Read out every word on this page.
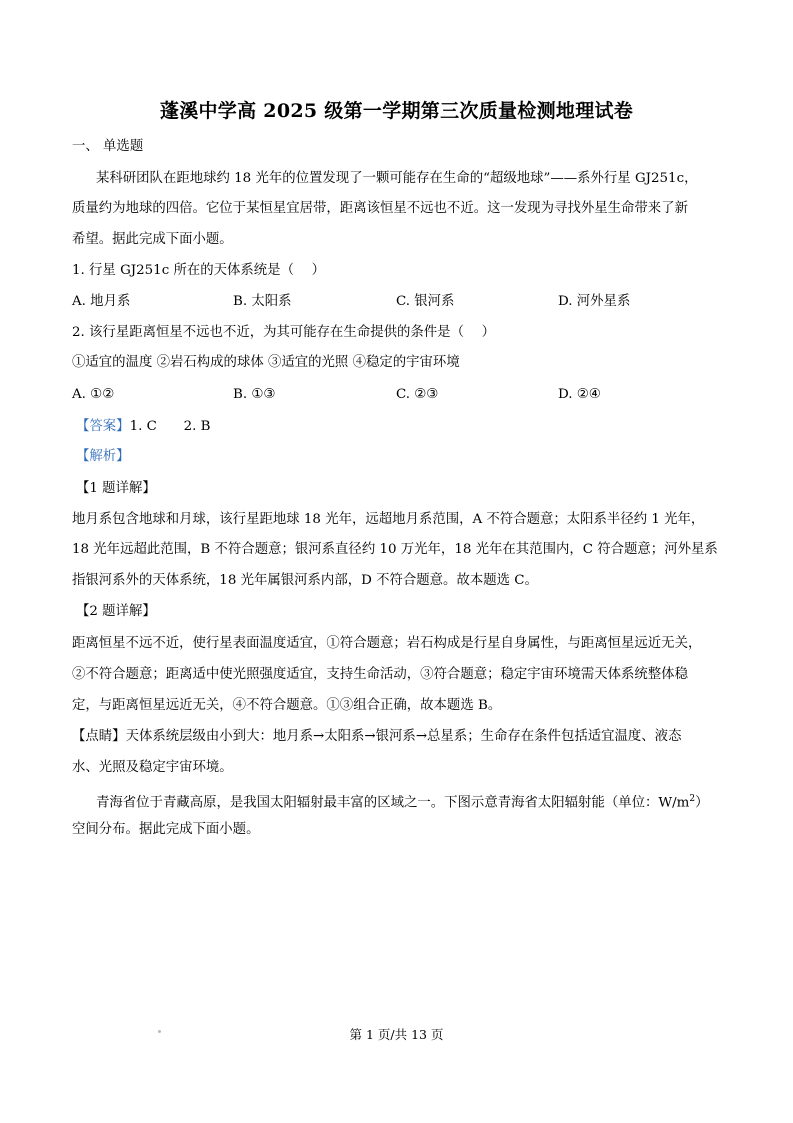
蓬溪中学高 2025 级第一学期第三次质量检测地理试卷
一、 单选题
某科研团队在距地球约 18 光年的位置发现了一颗可能存在生命的“超级地球”——系外行星 GJ251c，
质量约为地球的四倍。它位于某恒星宜居带，距离该恒星不远也不近。这一发现为寻找外星生命带来了新
希望。据此完成下面小题。
1. 行星 GJ251c 所在的天体系统是（　 ）
A. 地月系	B. 太阳系	C. 银河系	D. 河外星系
2. 该行星距离恒星不远也不近，为其可能存在生命提供的条件是（　 ）
①适宜的温度 ②岩石构成的球体 ③适宜的光照 ④稳定的宇宙环境
A. ①②	B. ①③	C. ②③	D. ②④
【答案】1. C　　2. B
【解析】
【1 题详解】
地月系包含地球和月球，该行星距地球 18 光年，远超地月系范围，A 不符合题意；太阳系半径约 1 光年，
18 光年远超此范围，B 不符合题意；银河系直径约 10 万光年，18 光年在其范围内，C 符合题意；河外星系
指银河系外的天体系统，18 光年属银河系内部，D 不符合题意。故本题选 C。
【2 题详解】
距离恒星不远不近，使行星表面温度适宜，①符合题意；岩石构成是行星自身属性，与距离恒星远近无关，
②不符合题意；距离适中使光照强度适宜，支持生命活动，③符合题意；稳定宇宙环境需天体系统整体稳
定，与距离恒星远近无关，④不符合题意。①③组合正确，故本题选 B。
【点睛】天体系统层级由小到大：地月系→太阳系→银河系→总星系；生命存在条件包括适宜温度、液态
水、光照及稳定宇宙环境。
青海省位于青藏高原，是我国太阳辐射最丰富的区域之一。下图示意青海省太阳辐射能（单位：$W/m^2$）
空间分布。据此完成下面小题。
第 1 页/共 13 页
